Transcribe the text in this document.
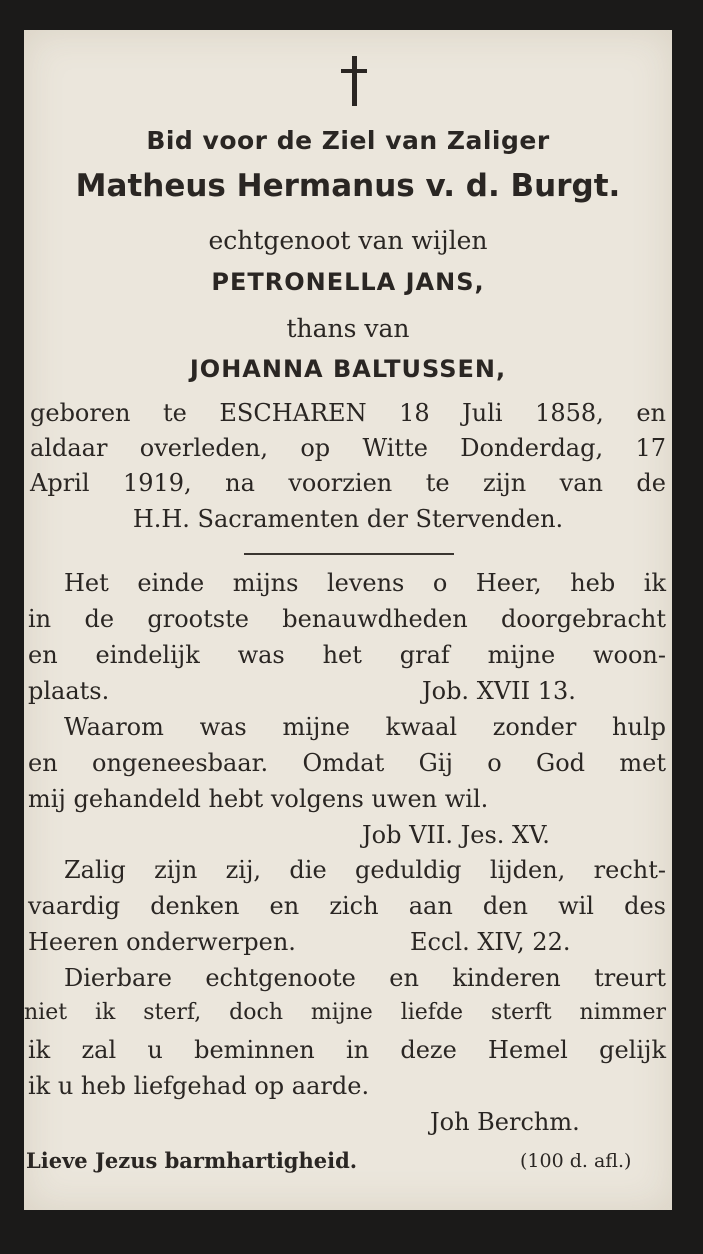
Bid voor de Ziel van Zaliger
Matheus Hermanus v. d. Burgt.
echtgenoot van wijlen
PETRONELLA JANS,
thans van
JOHANNA BALTUSSEN,
geboren te ESCHAREN 18 Juli 1858, en
aldaar overleden, op Witte Donderdag, 17
April 1919, na voorzien te zijn van de
H.H. Sacramenten der Stervenden.
Het einde mijns levens o Heer, heb ik
in de grootste benauwdheden doorgebracht
en eindelijk was het graf mijne woon-
plaats.	Job. XVII 13.
Waarom was mijne kwaal zonder hulp
en ongeneesbaar. Omdat Gij o God met
mij gehandeld hebt volgens uwen wil.
Job VII. Jes. XV.
Zalig zijn zij, die geduldig lijden, recht-
vaardig denken en zich aan den wil des
Heeren onderwerpen.	Eccl. XIV, 22.
Dierbare echtgenoote en kinderen treurt
niet ik sterf, doch mijne liefde sterft nimmer
ik zal u beminnen in deze Hemel gelijk
ik u heb liefgehad op aarde.
Joh Berchm.
Lieve Jezus barmhartigheid.	(100 d. afl.)
